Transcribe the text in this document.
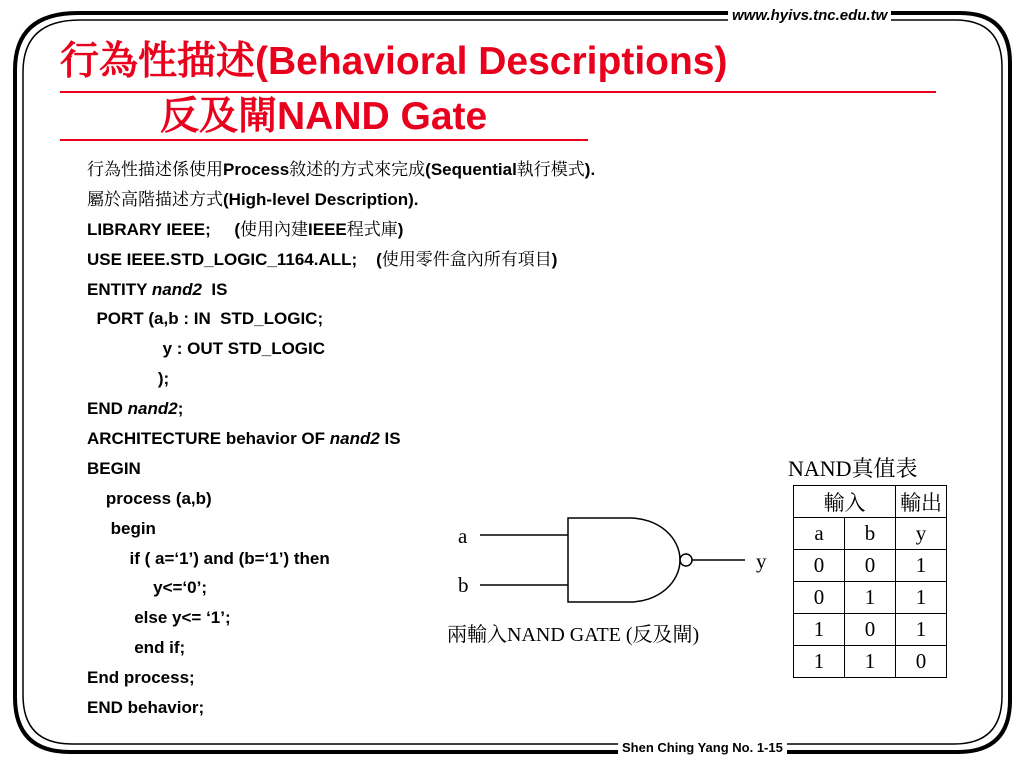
www.hyivs.tnc.edu.tw
行為性描述(Behavioral Descriptions)
反及閘NAND Gate
行為性描述係使用Process敘述的方式來完成(Sequential執行模式).
屬於高階描述方式(High-level Description).
LIBRARY IEEE;     (使用內建IEEE程式庫)
USE IEEE.STD_LOGIC_1164.ALL;    (使用零件盒內所有項目)
ENTITY nand2  IS
PORT (a,b : IN  STD_LOGIC;
y : OUT STD_LOGIC
);
END nand2;
ARCHITECTURE behavior OF nand2 IS
BEGIN
process (a,b)
begin
if ( a=‘1’) and (b=‘1’) then
y<=‘0’;
else y<= ‘1’;
end if;
End process;
END behavior;
a
b
y
兩輸入NAND GATE (反及閘)
NAND真值表
輸入		輸出
a	b	y
0	0	1
0	1	1
1	0	1
1	1	0
Shen Ching Yang No. 1-15
